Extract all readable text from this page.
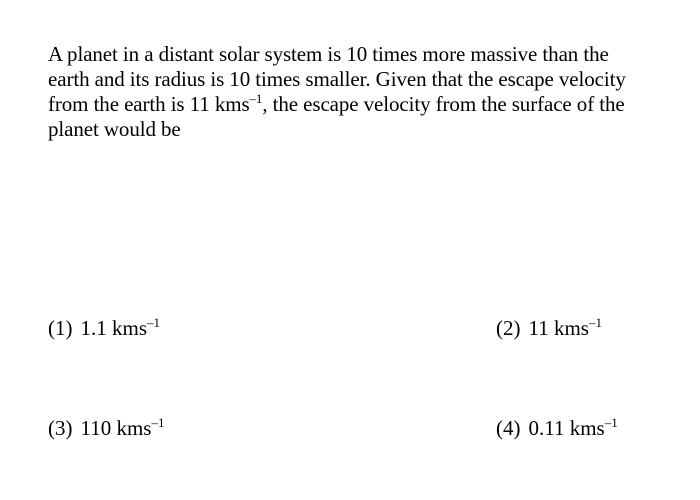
A planet in a distant solar system is 10 times more massive than the earth and its radius is 10 times smaller. Given that the escape velocity from the earth is 11 kms$^{-1}$, the escape velocity from the surface of the planet would be
(1) 1.1 kms$^{-1}$	(2) 11 kms$^{-1}$
(3) 110 kms$^{-1}$	(4) 0.11 kms$^{-1}$
